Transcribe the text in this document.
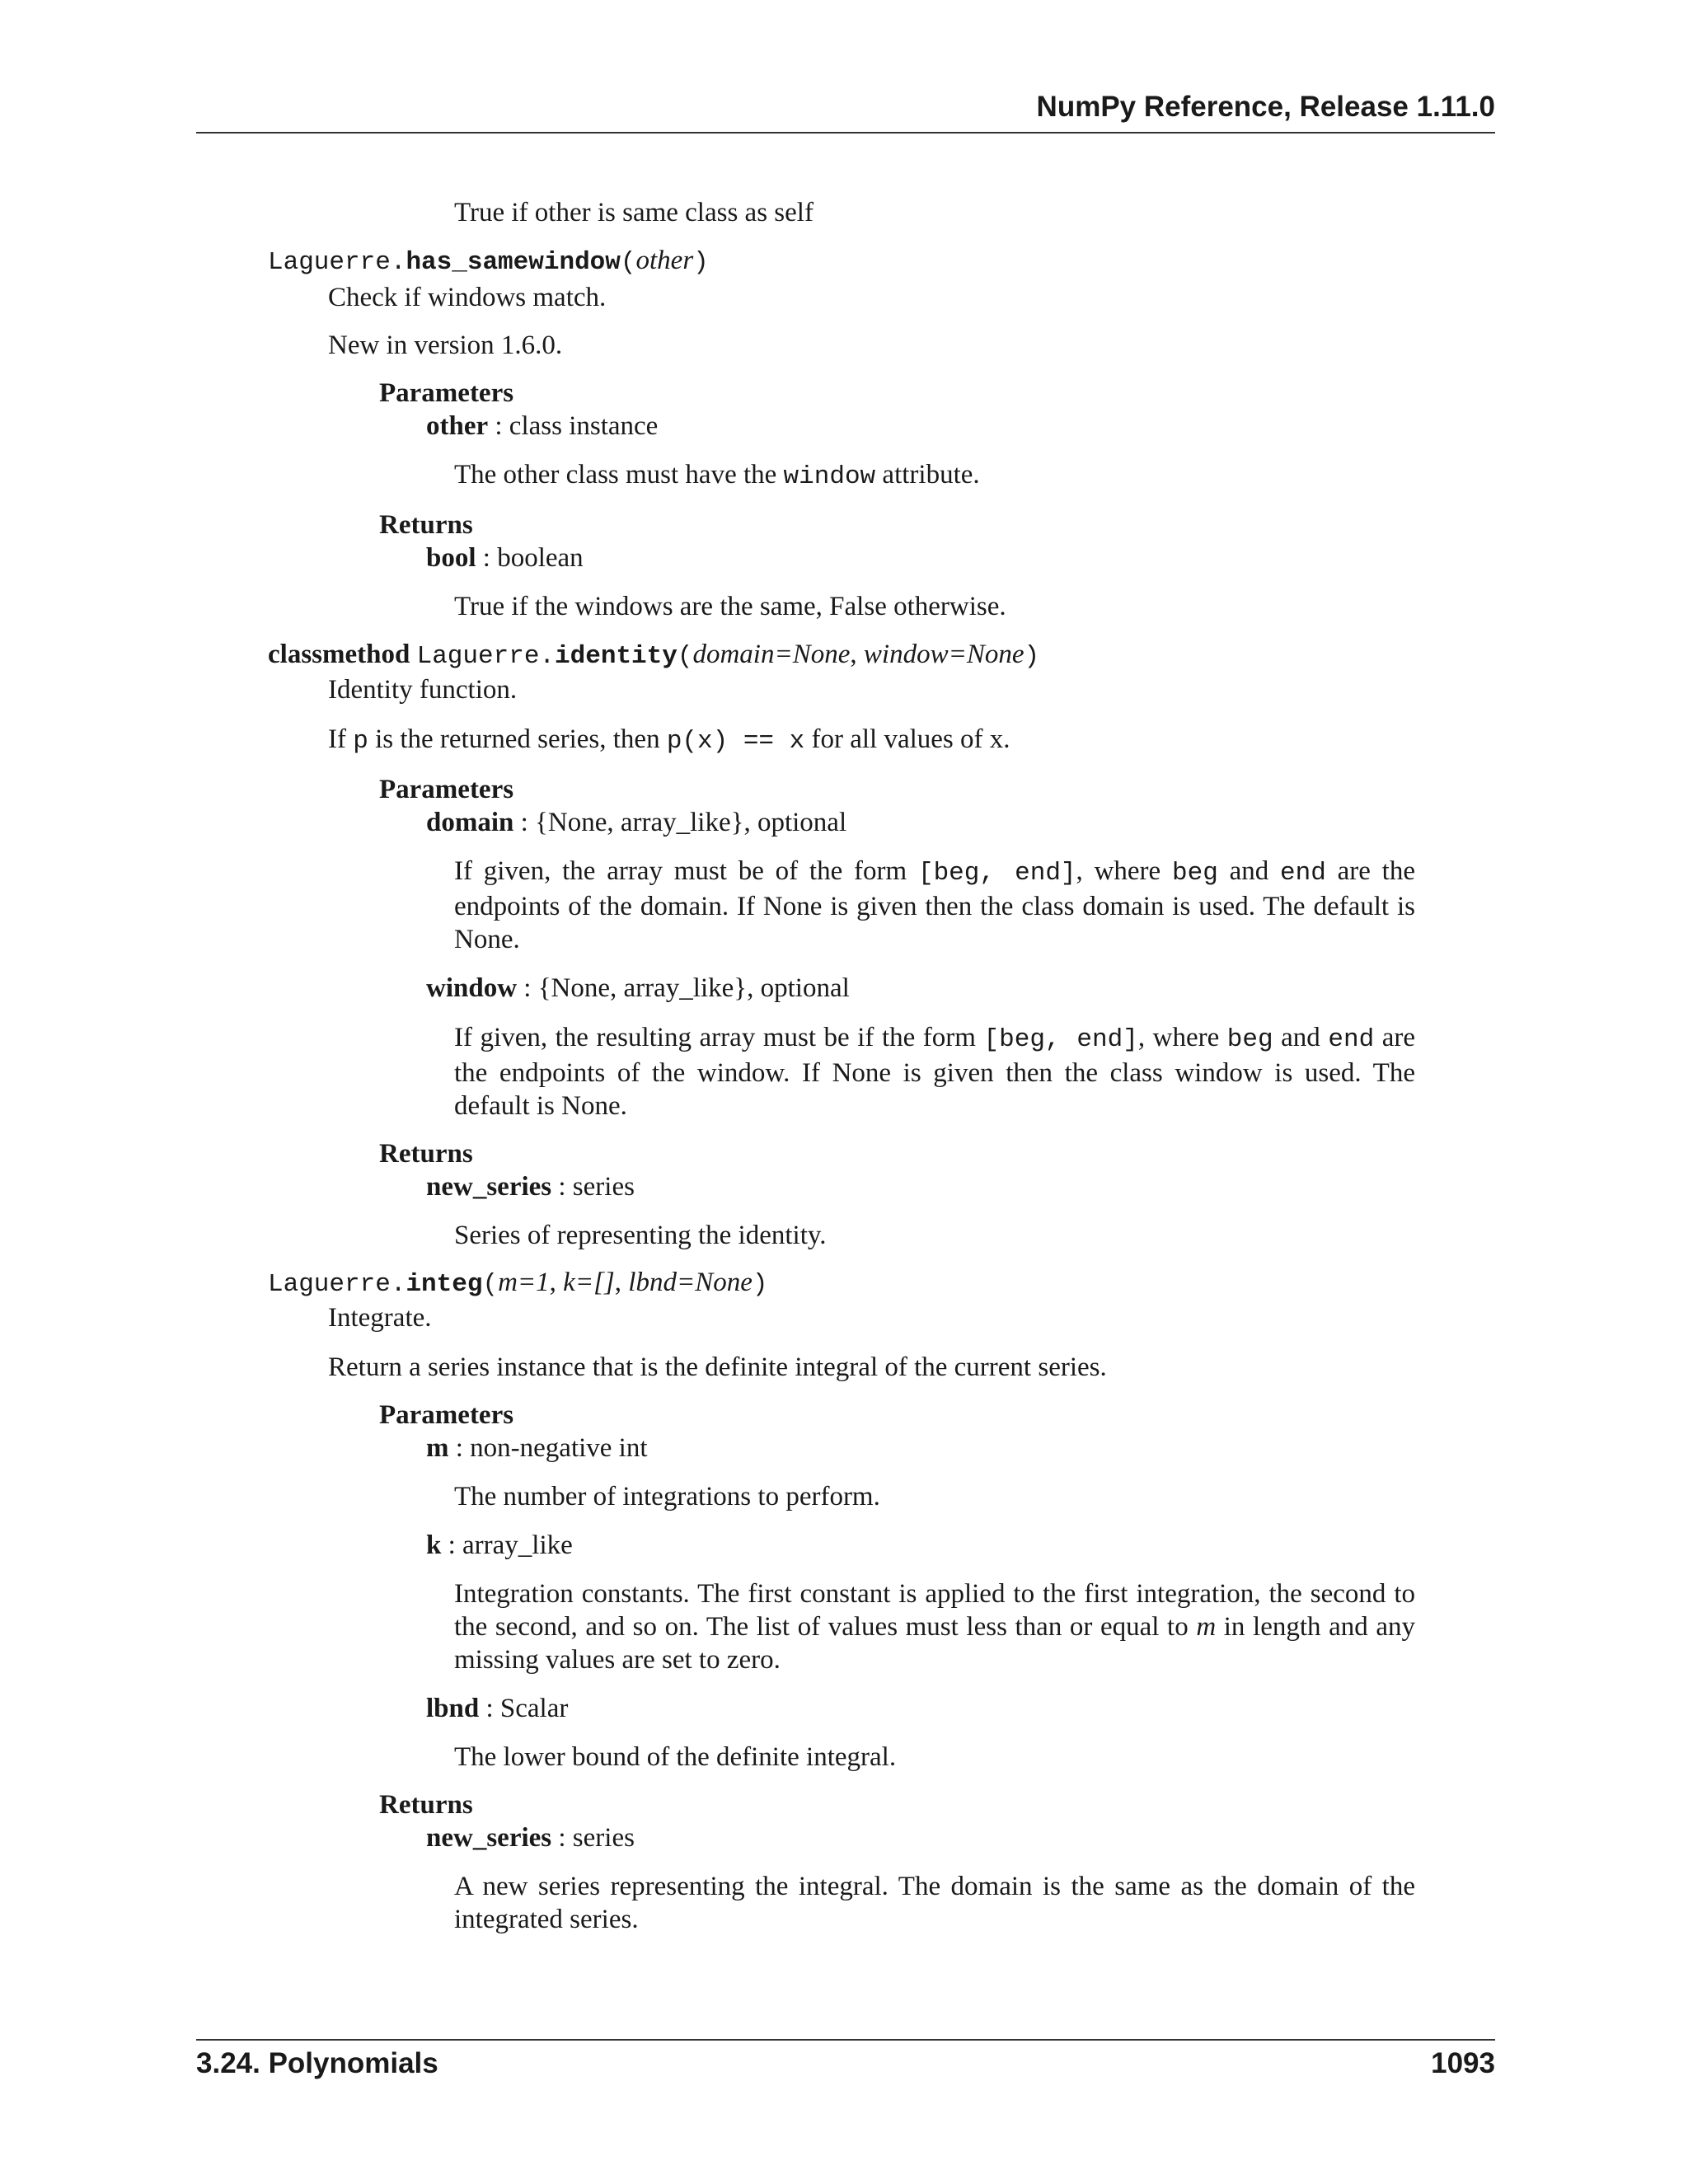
NumPy Reference, Release 1.11.0

True if other is same class as self

Laguerre.has_samewindow(other)

Check if windows match.

New in version 1.6.0.

Parameters

other : class instance

The other class must have the window attribute.

Returns

bool : boolean

True if the windows are the same, False otherwise.

classmethod Laguerre.identity(domain=None, window=None)

Identity function.

If p is the returned series, then p(x) == x for all values of x.

Parameters

domain : {None, array_like}, optional

If given, the array must be of the form [beg, end], where beg and end are the endpoints of the domain. If None is given then the class domain is used. The default is None.

window : {None, array_like}, optional

If given, the resulting array must be if the form [beg, end], where beg and end are the endpoints of the window. If None is given then the class window is used. The default is None.

Returns

new_series : series

Series of representing the identity.

Laguerre.integ(m=1, k=[], lbnd=None)

Integrate.

Return a series instance that is the definite integral of the current series.

Parameters

m : non-negative int

The number of integrations to perform.

k : array_like

Integration constants. The first constant is applied to the first integration, the second to the second, and so on. The list of values must less than or equal to m in length and any missing values are set to zero.

lbnd : Scalar

The lower bound of the definite integral.

Returns

new_series : series

A new series representing the integral. The domain is the same as the domain of the integrated series.

3.24. Polynomials	1093
